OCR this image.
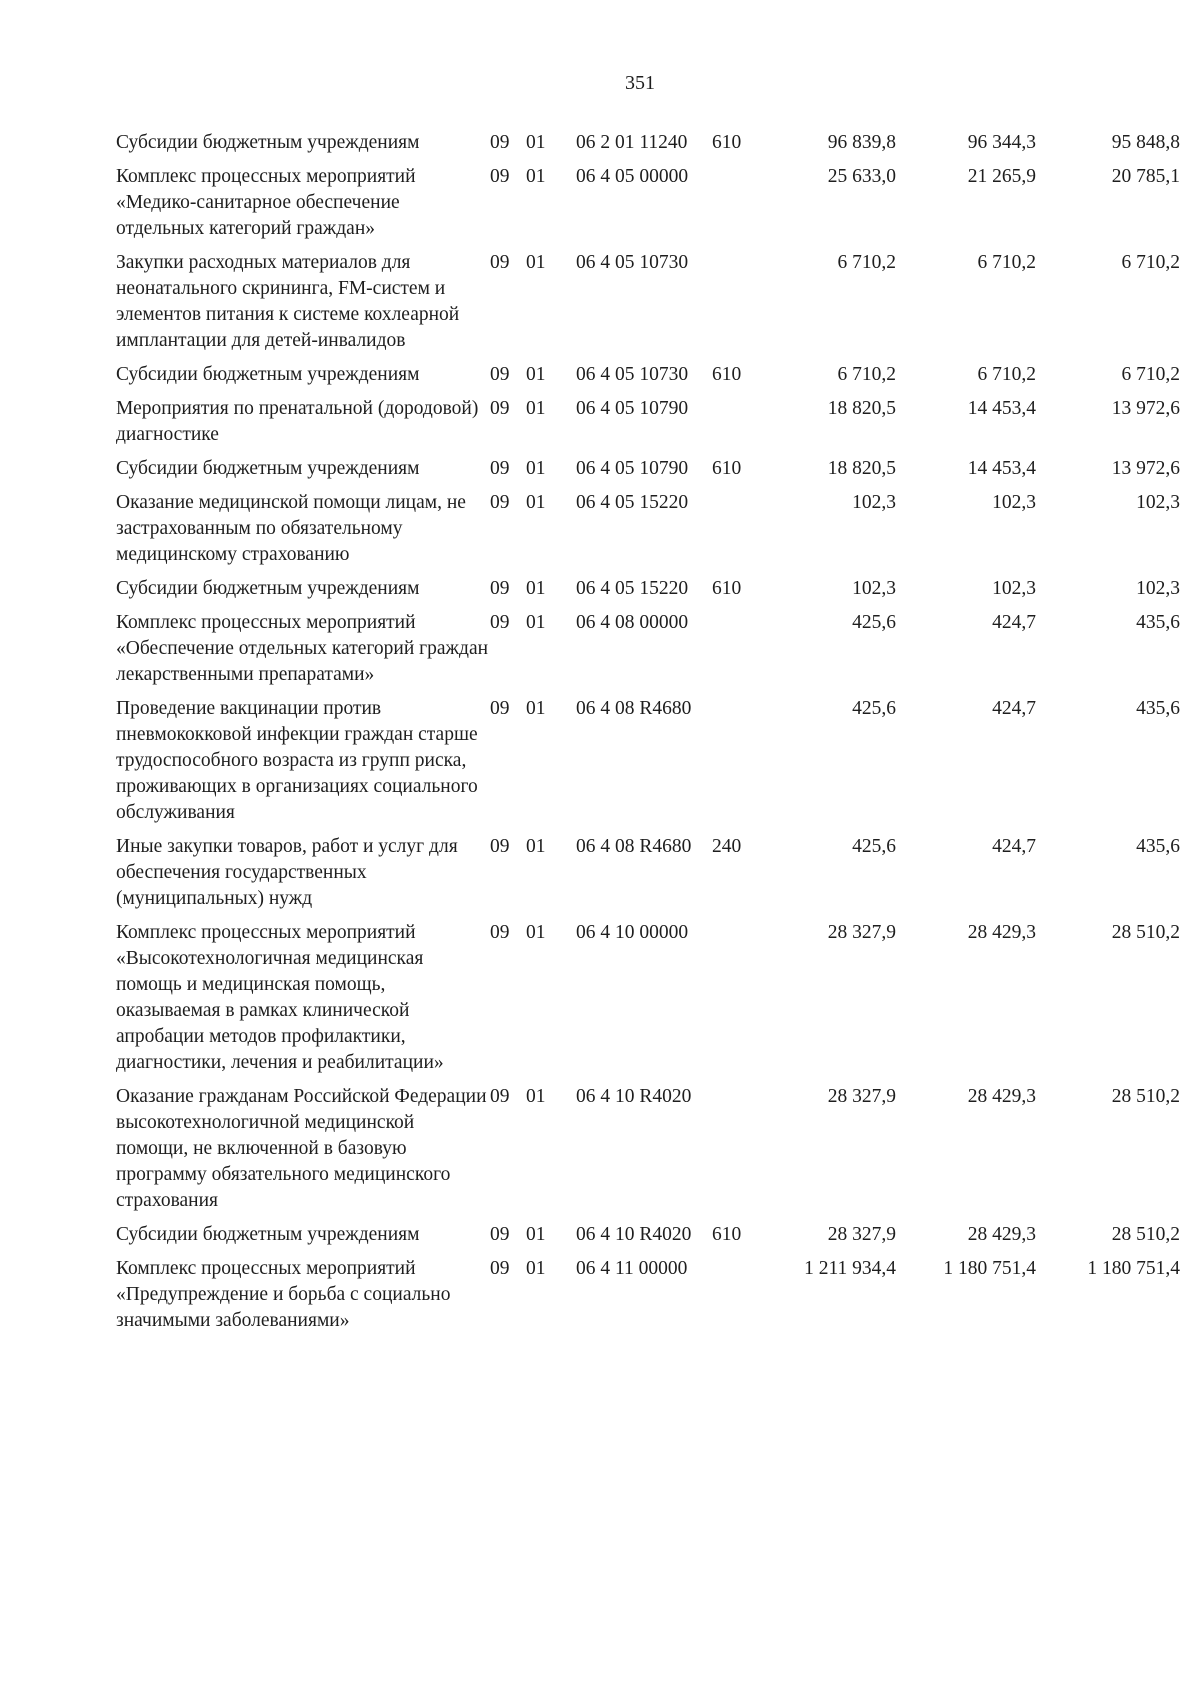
351
Субсидии бюджетным учреждениям	09	01	06 2 01 11240	610	96 839,8	96 344,3	95 848,8
Комплекс процессных мероприятий «Медико-санитарное обеспечение отдельных категорий граждан»	09	01	06 4 05 00000		25 633,0	21 265,9	20 785,1
Закупки расходных материалов для неонатального скрининга, FM-систем и элементов питания к системе кохлеарной имплантации для детей-инвалидов	09	01	06 4 05 10730		6 710,2	6 710,2	6 710,2
Субсидии бюджетным учреждениям	09	01	06 4 05 10730	610	6 710,2	6 710,2	6 710,2
Мероприятия по пренатальной (дородовой) диагностике	09	01	06 4 05 10790		18 820,5	14 453,4	13 972,6
Субсидии бюджетным учреждениям	09	01	06 4 05 10790	610	18 820,5	14 453,4	13 972,6
Оказание медицинской помощи лицам, не застрахованным по обязательному медицинскому страхованию	09	01	06 4 05 15220		102,3	102,3	102,3
Субсидии бюджетным учреждениям	09	01	06 4 05 15220	610	102,3	102,3	102,3
Комплекс процессных мероприятий «Обеспечение отдельных категорий граждан лекарственными препаратами»	09	01	06 4 08 00000		425,6	424,7	435,6
Проведение вакцинации против пневмококковой инфекции граждан старше трудоспособного возраста из групп риска, проживающих в организациях социального обслуживания	09	01	06 4 08 R4680		425,6	424,7	435,6
Иные закупки товаров, работ и услуг для обеспечения государственных (муниципальных) нужд	09	01	06 4 08 R4680	240	425,6	424,7	435,6
Комплекс процессных мероприятий «Высокотехнологичная медицинская помощь и медицинская помощь, оказываемая в рамках клинической апробации методов профилактики, диагностики, лечения и реабилитации»	09	01	06 4 10 00000		28 327,9	28 429,3	28 510,2
Оказание гражданам Российской Федерации высокотехнологичной медицинской помощи, не включенной в базовую программу обязательного медицинского страхования	09	01	06 4 10 R4020		28 327,9	28 429,3	28 510,2
Субсидии бюджетным учреждениям	09	01	06 4 10 R4020	610	28 327,9	28 429,3	28 510,2
Комплекс процессных мероприятий «Предупреждение и борьба с социально значимыми заболеваниями»	09	01	06 4 11 00000		1 211 934,4	1 180 751,4	1 180 751,4
